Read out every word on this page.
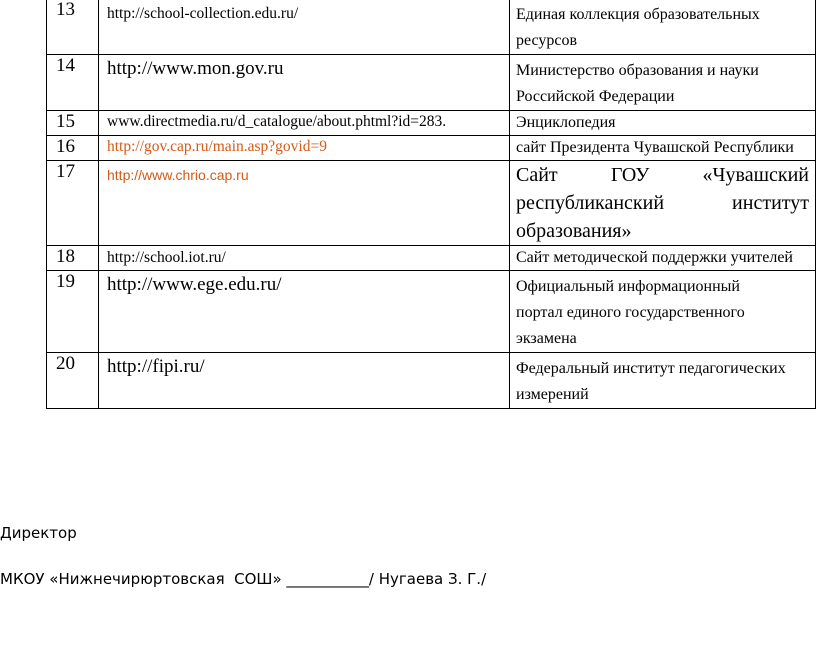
13	http://school-collection.edu.ru/	Единая коллекция образовательных ресурсов

14	http://www.mon.gov.ru	Министерство образования и науки Российской Федерации

15	www.directmedia.ru/d_catalogue/about.phtml?id=283.	Энциклопедия

16	http://gov.cap.ru/main.asp?govid=9	сайт Президента Чувашской Республики

17	http://www.chrio.cap.ru	Сайт ГОУ «Чувашский республиканский институт образования»

18	http://school.iot.ru/	Сайт методической поддержки учителей

19	http://www.ege.edu.ru/	Официальный информационный портал единого государственного экзамена

20	http://fipi.ru/	Федеральный институт педагогических измерений
Директор
МКОУ «Нижнечирюртовская  СОШ» ___________/ Нугаева З. Г./
